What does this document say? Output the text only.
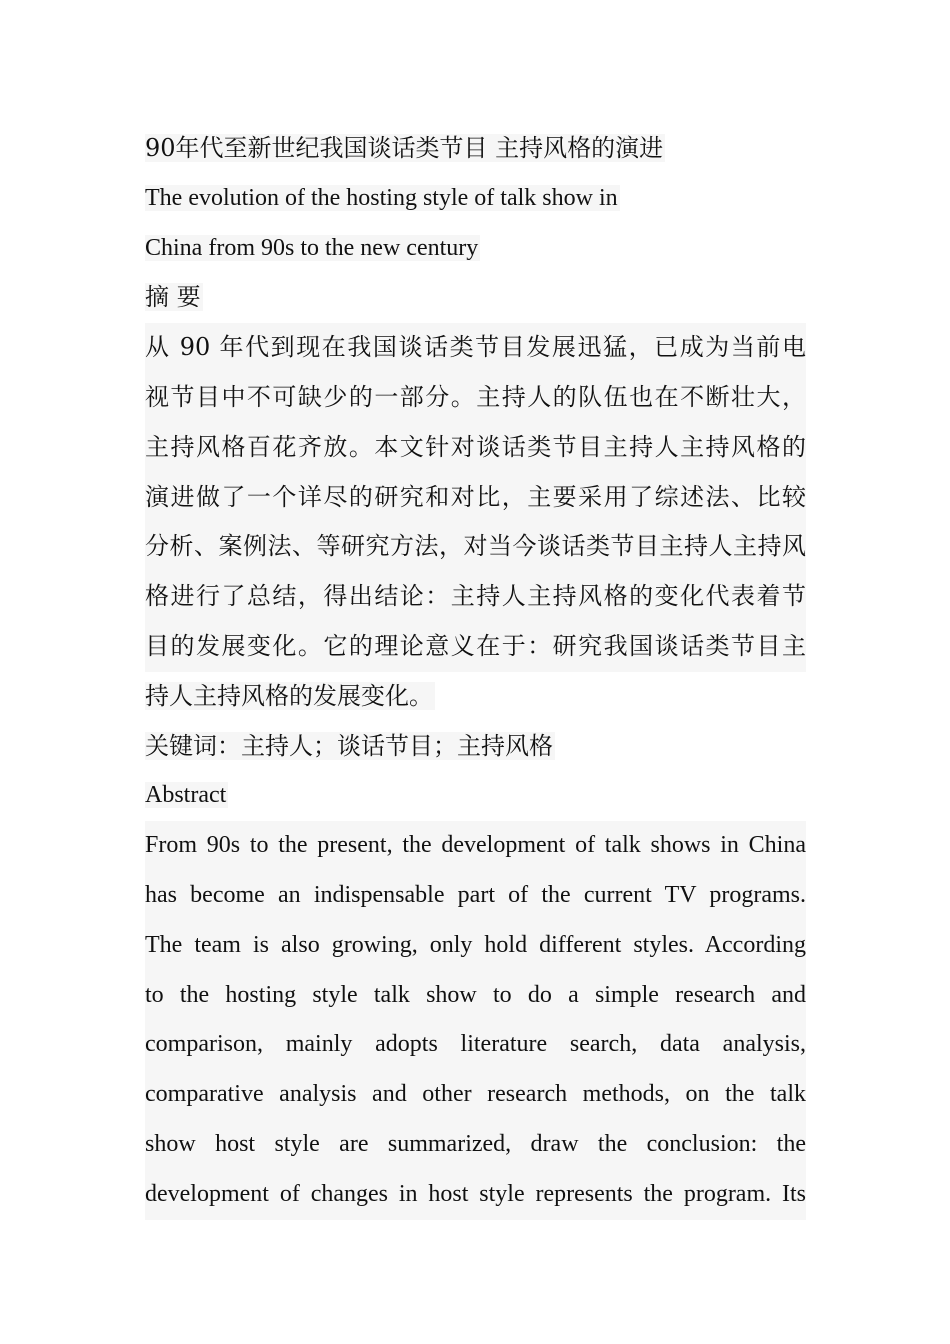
90年代至新世纪我国谈话类节目 主持风格的演进
The evolution of the hosting style of talk show in
China from 90s to the new century
摘 要
从 90 年代到现在我国谈话类节目发展迅猛，已成为当前电
视节目中不可缺少的一部分。主持人的队伍也在不断壮大，
主持风格百花齐放。本文针对谈话类节目主持人主持风格的
演进做了一个详尽的研究和对比，主要采用了综述法、比较
分析、案例法、等研究方法，对当今谈话类节目主持人主持风
格进行了总结，得出结论：主持人主持风格的变化代表着节
目的发展变化。它的理论意义在于：研究我国谈话类节目主
持人主持风格的发展变化。
关键词：主持人；谈话节目；主持风格
Abstract
From 90s to the present, the development of talk shows in China
has become an indispensable part of the current TV programs.
The team is also growing, only hold different styles. According
to the hosting style talk show to do a simple research and
comparison, mainly adopts literature search, data analysis,
comparative analysis and other research methods, on the talk
show host style are summarized, draw the conclusion: the
development of changes in host style represents the program. Its
